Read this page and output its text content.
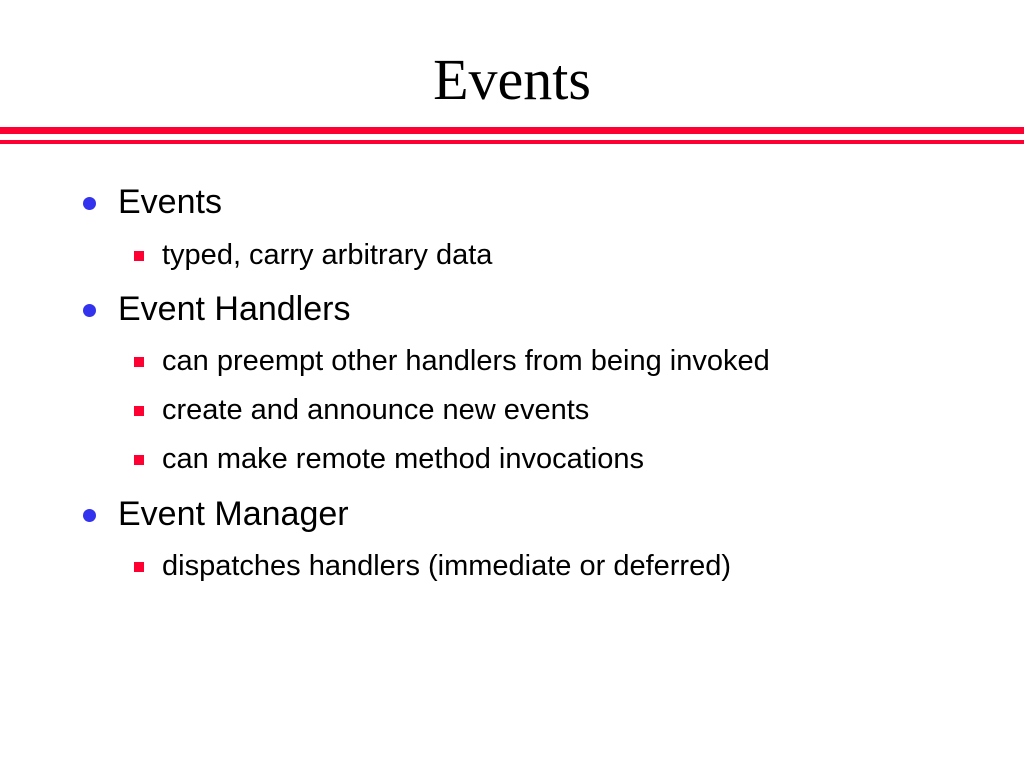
Events
Events
typed, carry arbitrary data
Event Handlers
can preempt other handlers from being invoked
create and announce new events
can make remote method invocations
Event Manager
dispatches handlers (immediate or deferred)
